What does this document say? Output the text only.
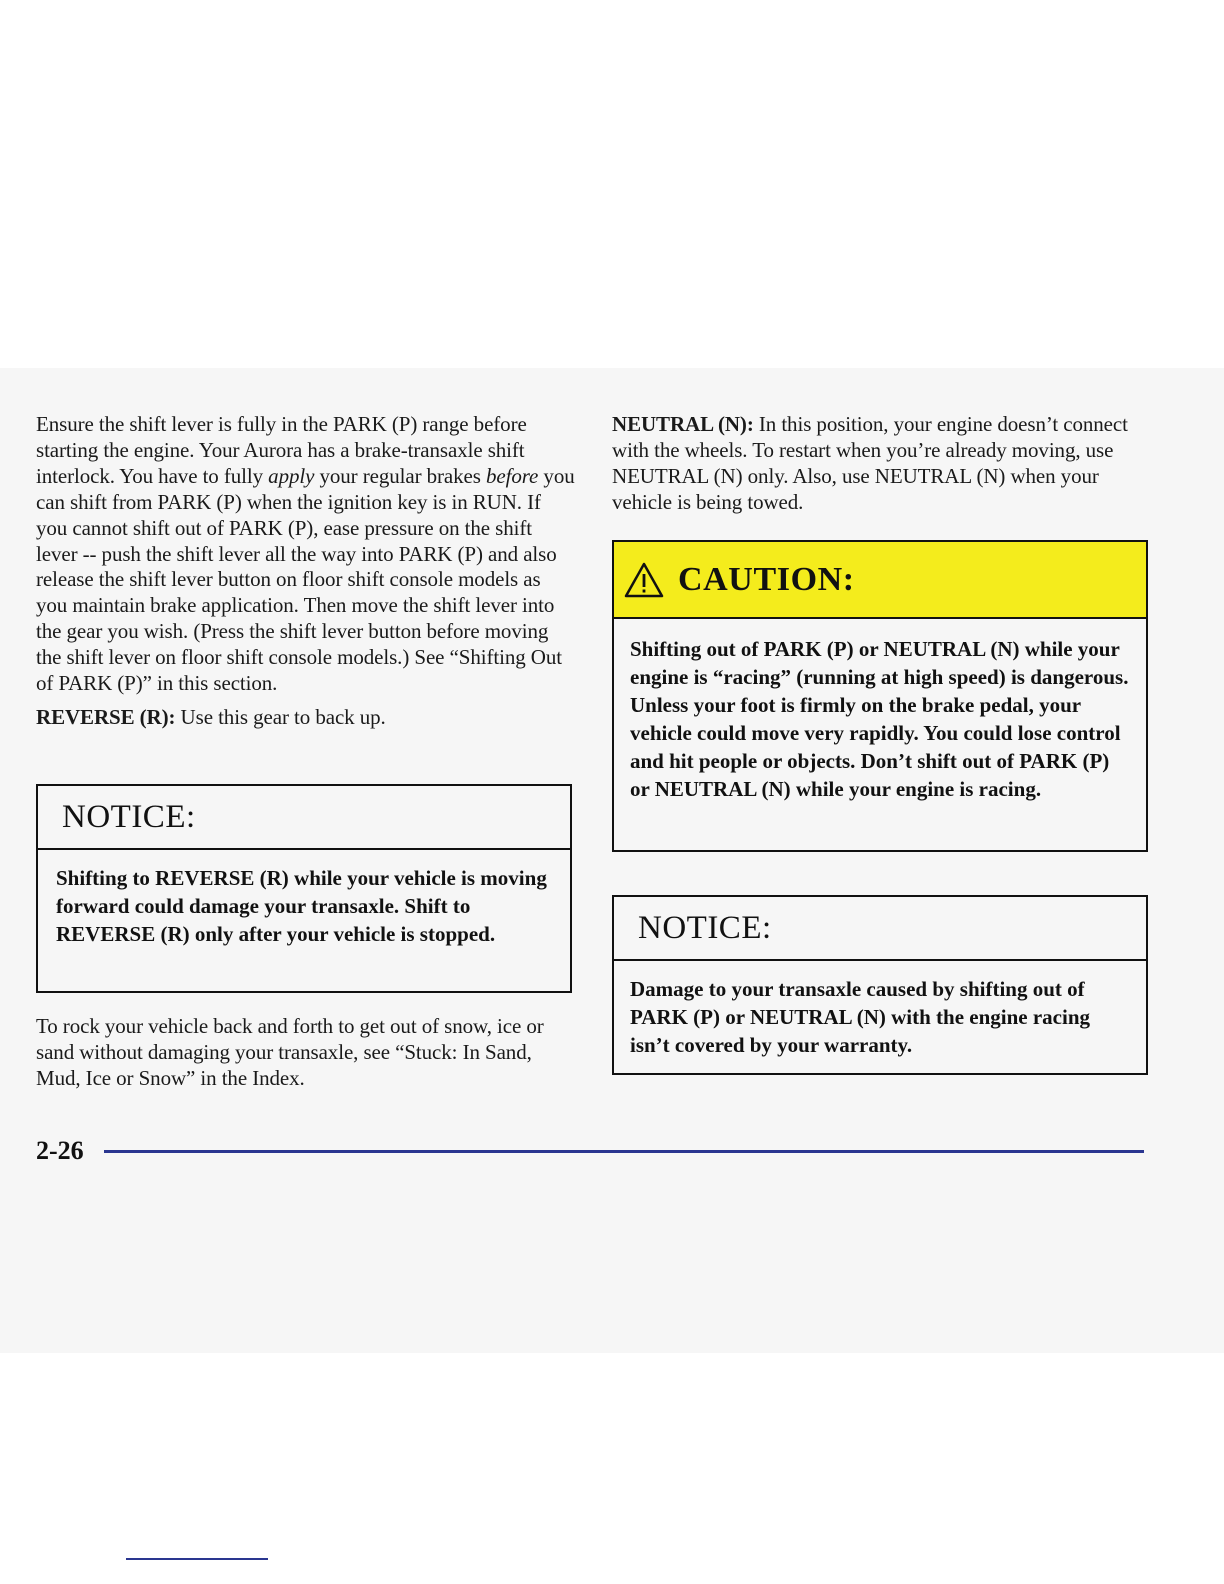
Ensure the shift lever is fully in the PARK (P) range before starting the engine. Your Aurora has a brake-transaxle shift interlock. You have to fully apply your regular brakes before you can shift from PARK (P) when the ignition key is in RUN. If you cannot shift out of PARK (P), ease pressure on the shift lever -- push the shift lever all the way into PARK (P) and also release the shift lever button on floor shift console models as you maintain brake application. Then move the shift lever into the gear you wish. (Press the shift lever button before moving the shift lever on floor shift console models.) See “Shifting Out of PARK (P)” in this section.

REVERSE (R): Use this gear to back up.

NOTICE:
Shifting to REVERSE (R) while your vehicle is moving forward could damage your transaxle. Shift to REVERSE (R) only after your vehicle is stopped.

To rock your vehicle back and forth to get out of snow, ice or sand without damaging your transaxle, see “Stuck: In Sand, Mud, Ice or Snow” in the Index.

NEUTRAL (N): In this position, your engine doesn’t connect with the wheels. To restart when you’re already moving, use NEUTRAL (N) only. Also, use NEUTRAL (N) when your vehicle is being towed.

CAUTION:
Shifting out of PARK (P) or NEUTRAL (N) while your engine is “racing” (running at high speed) is dangerous. Unless your foot is firmly on the brake pedal, your vehicle could move very rapidly. You could lose control and hit people or objects. Don’t shift out of PARK (P) or NEUTRAL (N) while your engine is racing.
NOTICE:
Damage to your transaxle caused by shifting out of PARK (P) or NEUTRAL (N) with the engine racing isn’t covered by your warranty.
2-26
